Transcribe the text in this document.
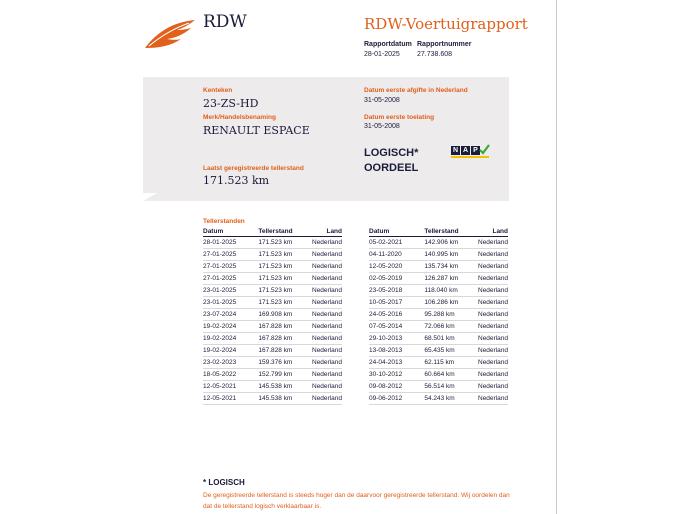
RDW	RDW-Voertuigrapport
Rapportdatum
28-01-2025
Rapportnummer
27.738.608
Kenteken
23-ZS-HD
Merk/Handelsbenaming
RENAULT ESPACE
Datum eerste afgifte in Nederland
31-05-2008
Datum eerste toelating
31-05-2008
LOGISCH*
OORDEEL
N A P
Laatst geregistreerde tellerstand
171.523 km
Tellerstanden
Datum	Tellerstand	Land
28-01-2025	171.523 km	Nederland
27-01-2025	171.523 km	Nederland
27-01-2025	171.523 km	Nederland
27-01-2025	171.523 km	Nederland
23-01-2025	171.523 km	Nederland
23-01-2025	171.523 km	Nederland
23-07-2024	169.908 km	Nederland
19-02-2024	167.828 km	Nederland
19-02-2024	167.828 km	Nederland
19-02-2024	167.828 km	Nederland
23-02-2023	159.376 km	Nederland
18-05-2022	152.799 km	Nederland
12-05-2021	145.538 km	Nederland
12-05-2021	145.538 km	Nederland
Datum	Tellerstand	Land
05-02-2021	142.906 km	Nederland
04-11-2020	140.995 km	Nederland
12-05-2020	135.734 km	Nederland
02-05-2019	126.287 km	Nederland
23-05-2018	118.040 km	Nederland
10-05-2017	106.286 km	Nederland
24-05-2016	95.288 km	Nederland
07-05-2014	72.066 km	Nederland
29-10-2013	68.501 km	Nederland
13-08-2013	65.435 km	Nederland
24-04-2013	62.115 km	Nederland
30-10-2012	60.664 km	Nederland
09-08-2012	56.514 km	Nederland
09-06-2012	54.243 km	Nederland
* LOGISCH
De geregistreerde tellerstand is steeds hoger dan de daarvoor geregistreerde tellerstand. Wij oordelen dan dat de tellerstand logisch verklaarbaar is.
